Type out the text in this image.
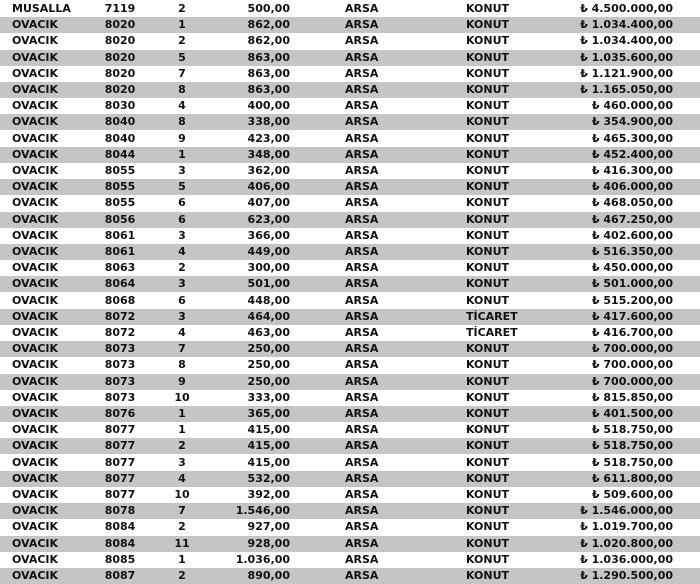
MUSALLA	7119	2	500,00	ARSA	KONUT	₺ 4.500.000,00
OVACIK	8020	1	862,00	ARSA	KONUT	₺ 1.034.400,00
OVACIK	8020	2	862,00	ARSA	KONUT	₺ 1.034.400,00
OVACIK	8020	5	863,00	ARSA	KONUT	₺ 1.035.600,00
OVACIK	8020	7	863,00	ARSA	KONUT	₺ 1.121.900,00
OVACIK	8020	8	863,00	ARSA	KONUT	₺ 1.165.050,00
OVACIK	8030	4	400,00	ARSA	KONUT	₺ 460.000,00
OVACIK	8040	8	338,00	ARSA	KONUT	₺ 354.900,00
OVACIK	8040	9	423,00	ARSA	KONUT	₺ 465.300,00
OVACIK	8044	1	348,00	ARSA	KONUT	₺ 452.400,00
OVACIK	8055	3	362,00	ARSA	KONUT	₺ 416.300,00
OVACIK	8055	5	406,00	ARSA	KONUT	₺ 406.000,00
OVACIK	8055	6	407,00	ARSA	KONUT	₺ 468.050,00
OVACIK	8056	6	623,00	ARSA	KONUT	₺ 467.250,00
OVACIK	8061	3	366,00	ARSA	KONUT	₺ 402.600,00
OVACIK	8061	4	449,00	ARSA	KONUT	₺ 516.350,00
OVACIK	8063	2	300,00	ARSA	KONUT	₺ 450.000,00
OVACIK	8064	3	501,00	ARSA	KONUT	₺ 501.000,00
OVACIK	8068	6	448,00	ARSA	KONUT	₺ 515.200,00
OVACIK	8072	3	464,00	ARSA	TİCARET	₺ 417.600,00
OVACIK	8072	4	463,00	ARSA	TİCARET	₺ 416.700,00
OVACIK	8073	7	250,00	ARSA	KONUT	₺ 700.000,00
OVACIK	8073	8	250,00	ARSA	KONUT	₺ 700.000,00
OVACIK	8073	9	250,00	ARSA	KONUT	₺ 700.000,00
OVACIK	8073	10	333,00	ARSA	KONUT	₺ 815.850,00
OVACIK	8076	1	365,00	ARSA	KONUT	₺ 401.500,00
OVACIK	8077	1	415,00	ARSA	KONUT	₺ 518.750,00
OVACIK	8077	2	415,00	ARSA	KONUT	₺ 518.750,00
OVACIK	8077	3	415,00	ARSA	KONUT	₺ 518.750,00
OVACIK	8077	4	532,00	ARSA	KONUT	₺ 611.800,00
OVACIK	8077	10	392,00	ARSA	KONUT	₺ 509.600,00
OVACIK	8078	7	1.546,00	ARSA	KONUT	₺ 1.546.000,00
OVACIK	8084	2	927,00	ARSA	KONUT	₺ 1.019.700,00
OVACIK	8084	11	928,00	ARSA	KONUT	₺ 1.020.800,00
OVACIK	8085	1	1.036,00	ARSA	KONUT	₺ 1.036.000,00
OVACIK	8087	2	890,00	ARSA	KONUT	₺ 1.290.500,00
